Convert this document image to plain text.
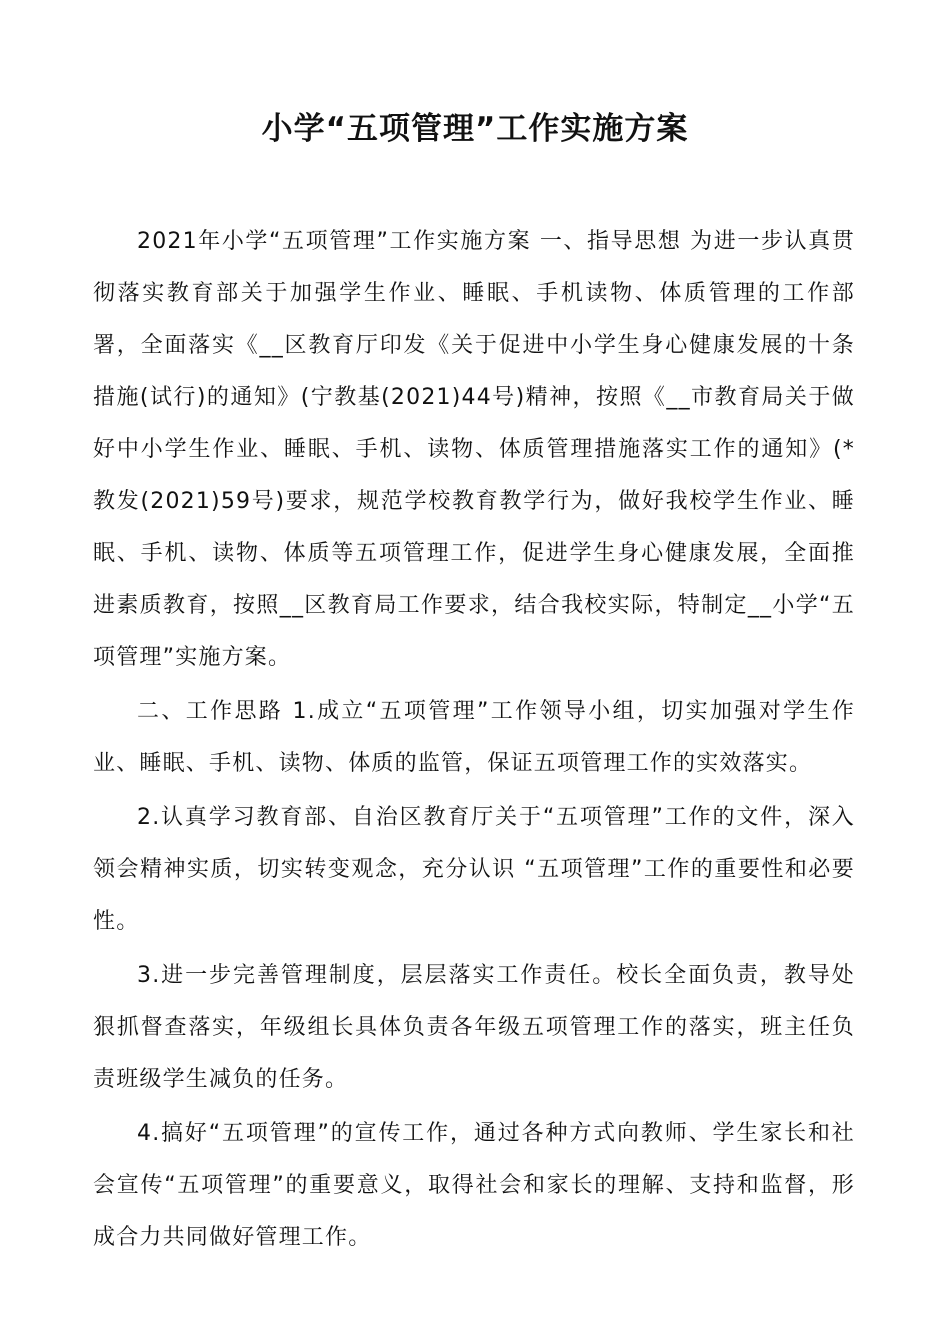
小学“五项管理”工作实施方案

2021年小学“五项管理”工作实施方案 一、指导思想 为进一步认真贯彻落实教育部关于加强学生作业、睡眠、手机读物、体质管理的工作部署，全面落实《__区教育厅印发《关于促进中小学生身心健康发展的十条措施(试行)的通知》(宁教基(2021)44号)精神，按照《__市教育局关于做好中小学生作业、睡眠、手机、读物、体质管理措施落实工作的通知》(*教发(2021)59号)要求，规范学校教育教学行为，做好我校学生作业、睡眠、手机、读物、体质等五项管理工作，促进学生身心健康发展，全面推进素质教育，按照__区教育局工作要求，结合我校实际，特制定__小学“五项管理”实施方案。

二、工作思路 1.成立“五项管理”工作领导小组，切实加强对学生作业、睡眠、手机、读物、体质的监管，保证五项管理工作的实效落实。

2.认真学习教育部、自治区教育厅关于“五项管理”工作的文件，深入领会精神实质，切实转变观念，充分认识 “五项管理”工作的重要性和必要性。

3.进一步完善管理制度，层层落实工作责任。校长全面负责，教导处狠抓督查落实，年级组长具体负责各年级五项管理工作的落实，班主任负责班级学生减负的任务。

4.搞好“五项管理”的宣传工作，通过各种方式向教师、学生家长和社会宣传“五项管理”的重要意义，取得社会和家长的理解、支持和监督，形成合力共同做好管理工作。
